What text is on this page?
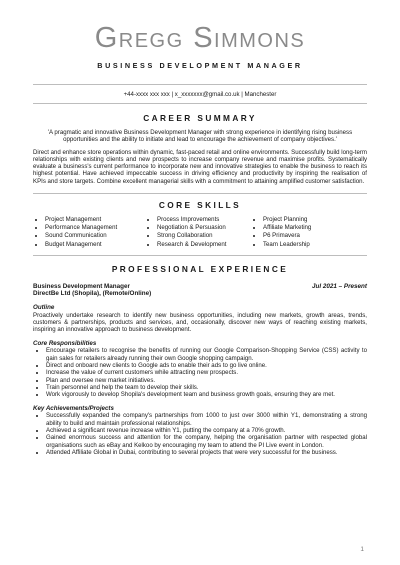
Gregg Simmons
BUSINESS DEVELOPMENT MANAGER
+44-xxxx xxx xxx | x_xxxxxxx@gmail.co.uk | Manchester
CAREER SUMMARY
'A pragmatic and innovative Business Development Manager with strong experience in identifying rising business opportunities and the ability to initiate and lead to encourage the achievement of company objectives.'
Direct and enhance store operations within dynamic, fast-paced retail and online environments. Successfully build long-term relationships with existing clients and new prospects to increase company revenue and maximise profits. Systematically evaluate a business's current performance to incorporate new and innovative strategies to enable the business to reach its highest potential. Have achieved impeccable success in driving efficiency and productivity by inspiring the realisation of KPIs and store targets. Combine excellent managerial skills with a commitment to attaining amplified customer satisfaction.
CORE SKILLS
• Project Management
• Performance Management
• Sound Communication
• Budget Management
• Process Improvements
• Negotiation & Persuasion
• Strong Collaboration
• Research & Development
• Project Planning
• Affiliate Marketing
• P6 Primavera
• Team Leadership
PROFESSIONAL EXPERIENCE
Business Development Manager	Jul 2021 – Present
DirectBe Ltd (Shopila), (Remote/Online)
Outline
Proactively undertake research to identify new business opportunities, including new markets, growth areas, trends, customers & partnerships, products and services, and, occasionally, discover new ways of reaching existing markets, inspiring an innovative approach to business development.
Core Responsibilities
• Encourage retailers to recognise the benefits of running our Google Comparison-Shopping Service (CSS) activity to gain sales for retailers already running their own Google shopping campaign.
• Direct and onboard new clients to Google ads to enable their ads to go live online.
• Increase the value of current customers while attracting new prospects.
• Plan and oversee new market initiatives.
• Train personnel and help the team to develop their skills.
• Work vigorously to develop Shopila's development team and business growth goals, ensuring they are met.
Key Achievements/Projects
• Successfully expanded the company's partnerships from 1000 to just over 3000 within Y1, demonstrating a strong ability to build and maintain professional relationships.
• Achieved a significant revenue increase within Y1, putting the company at a 70% growth.
• Gained enormous success and attention for the company, helping the organisation partner with respected global organisations such as eBay and Kelkoo by encouraging my team to attend the PI Live event in London.
• Attended Affiliate Global in Dubai, contributing to several projects that were very successful for the business.
1
